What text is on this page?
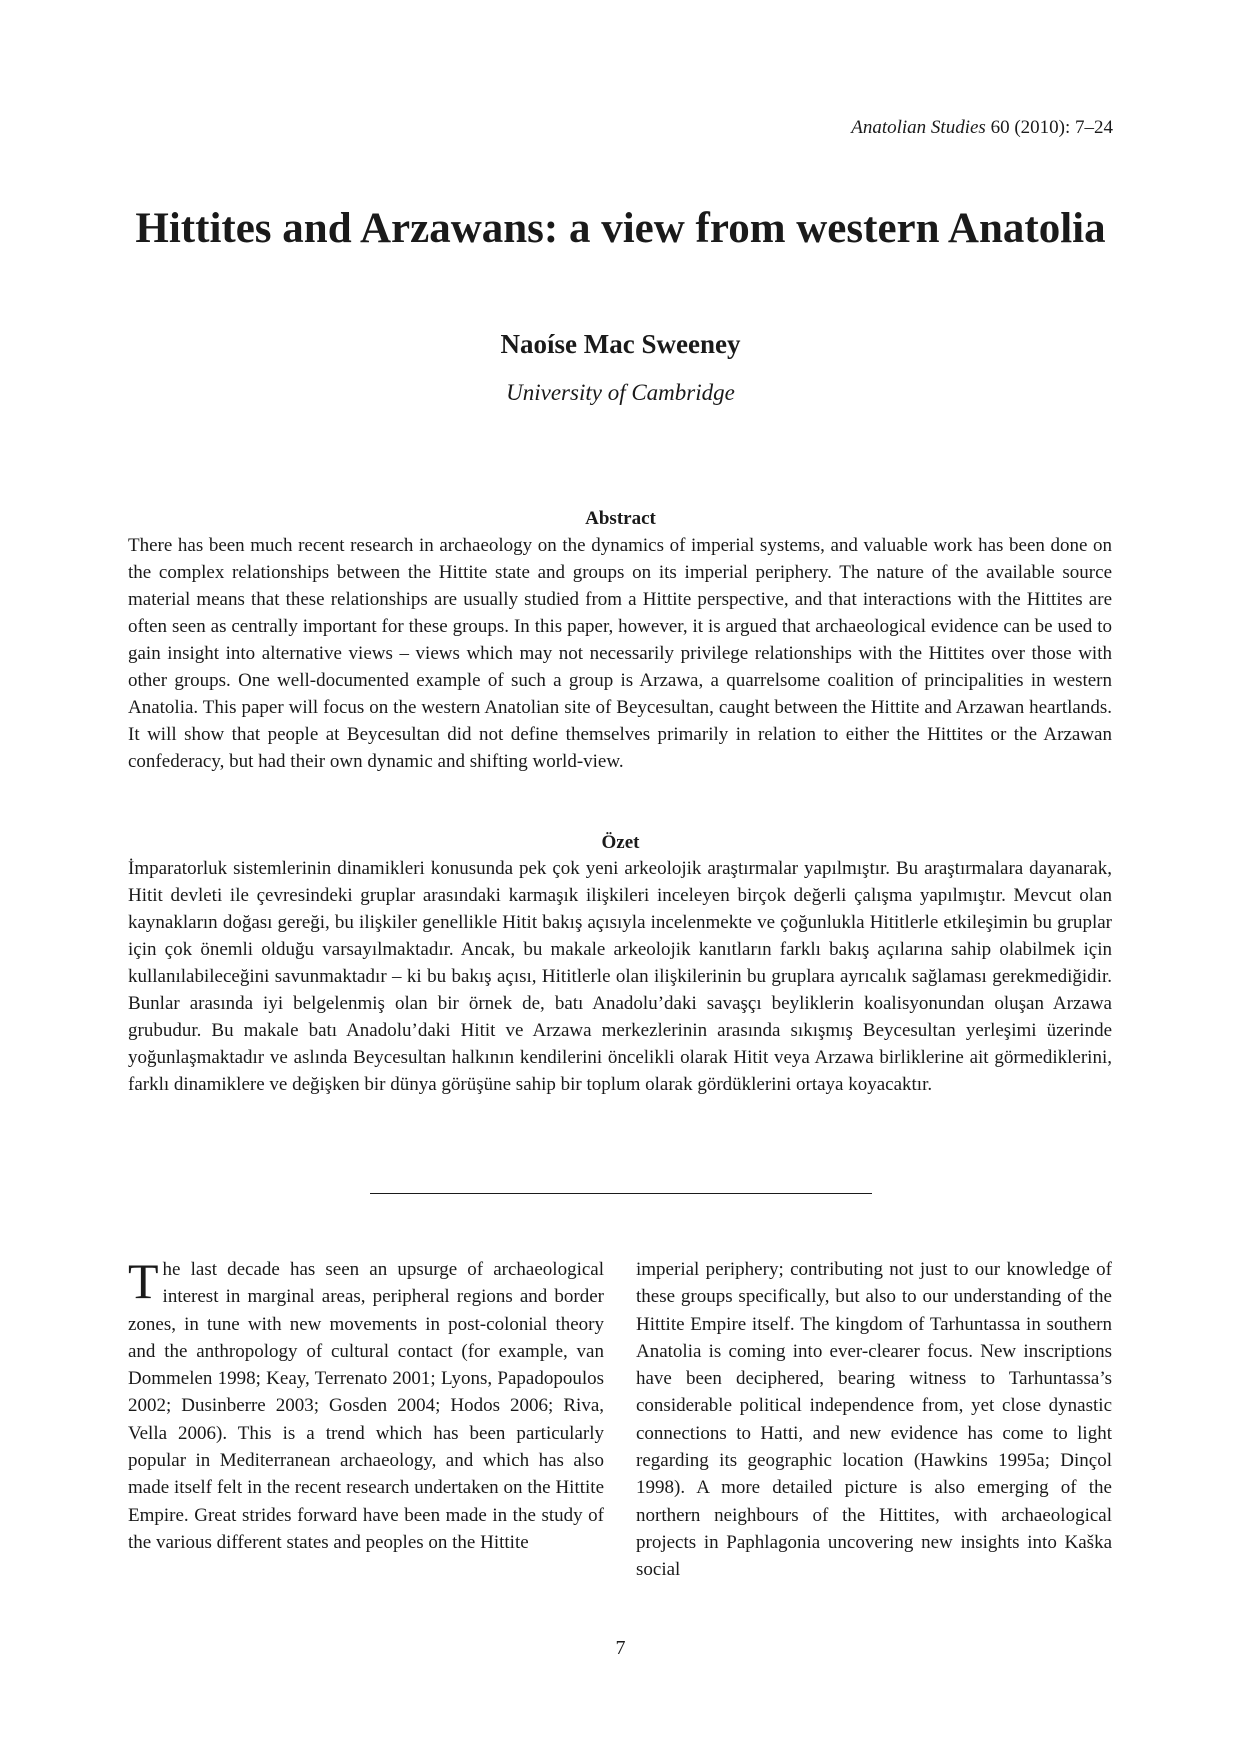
Anatolian Studies 60 (2010): 7–24
Hittites and Arzawans: a view from western Anatolia
Naoíse Mac Sweeney
University of Cambridge
Abstract

There has been much recent research in archaeology on the dynamics of imperial systems, and valuable work has been done on the complex relationships between the Hittite state and groups on its imperial periphery. The nature of the available source material means that these relationships are usually studied from a Hittite perspective, and that interactions with the Hittites are often seen as centrally important for these groups. In this paper, however, it is argued that archaeological evidence can be used to gain insight into alternative views – views which may not necessarily privilege relationships with the Hittites over those with other groups. One well-documented example of such a group is Arzawa, a quarrelsome coalition of principalities in western Anatolia. This paper will focus on the western Anatolian site of Beycesultan, caught between the Hittite and Arzawan heartlands. It will show that people at Beycesultan did not define themselves primarily in relation to either the Hittites or the Arzawan confederacy, but had their own dynamic and shifting world-view.

Özet

İmparatorluk sistemlerinin dinamikleri konusunda pek çok yeni arkeolojik araştırmalar yapılmıştır. Bu araştırmalara dayanarak, Hitit devleti ile çevresindeki gruplar arasındaki karmaşık ilişkileri inceleyen birçok değerli çalışma yapılmıştır. Mevcut olan kaynakların doğası gereği, bu ilişkiler genellikle Hitit bakış açısıyla incelenmekte ve çoğunlukla Hititlerle etkileşimin bu gruplar için çok önemli olduğu varsayılmaktadır. Ancak, bu makale arkeolojik kanıtların farklı bakış açılarına sahip olabilmek için kullanılabileceğini savunmaktadır – ki bu bakış açısı, Hititlerle olan ilişkilerinin bu gruplara ayrıcalık sağlaması gerekmediğidir. Bunlar arasında iyi belgelenmiş olan bir örnek de, batı Anadolu’daki savaşçı beyliklerin koalisyonundan oluşan Arzawa grubudur. Bu makale batı Anadolu’daki Hitit ve Arzawa merkezlerinin arasında sıkışmış Beycesultan yerleşimi üzerinde yoğunlaşmaktadır ve aslında Beycesultan halkının kendilerini öncelikli olarak Hitit veya Arzawa birliklerine ait görmediklerini, farklı dinamiklere ve değişken bir dünya görüşüne sahip bir toplum olarak gördüklerini ortaya koyacaktır.

The last decade has seen an upsurge of archaeological interest in marginal areas, peripheral regions and border zones, in tune with new movements in post-colonial theory and the anthropology of cultural contact (for example, van Dommelen 1998; Keay, Terrenato 2001; Lyons, Papadopoulos 2002; Dusinberre 2003; Gosden 2004; Hodos 2006; Riva, Vella 2006). This is a trend which has been particularly popular in Mediterranean archaeology, and which has also made itself felt in the recent research undertaken on the Hittite Empire. Great strides forward have been made in the study of the various different states and peoples on the Hittite

imperial periphery; contributing not just to our knowledge of these groups specifically, but also to our understanding of the Hittite Empire itself. The kingdom of Tarhuntassa in southern Anatolia is coming into ever-clearer focus. New inscriptions have been deciphered, bearing witness to Tarhuntassa’s considerable political independence from, yet close dynastic connections to Hatti, and new evidence has come to light regarding its geographic location (Hawkins 1995a; Dinçol 1998). A more detailed picture is also emerging of the northern neighbours of the Hittites, with archaeological projects in Paphlagonia uncovering new insights into Kaška social

7
